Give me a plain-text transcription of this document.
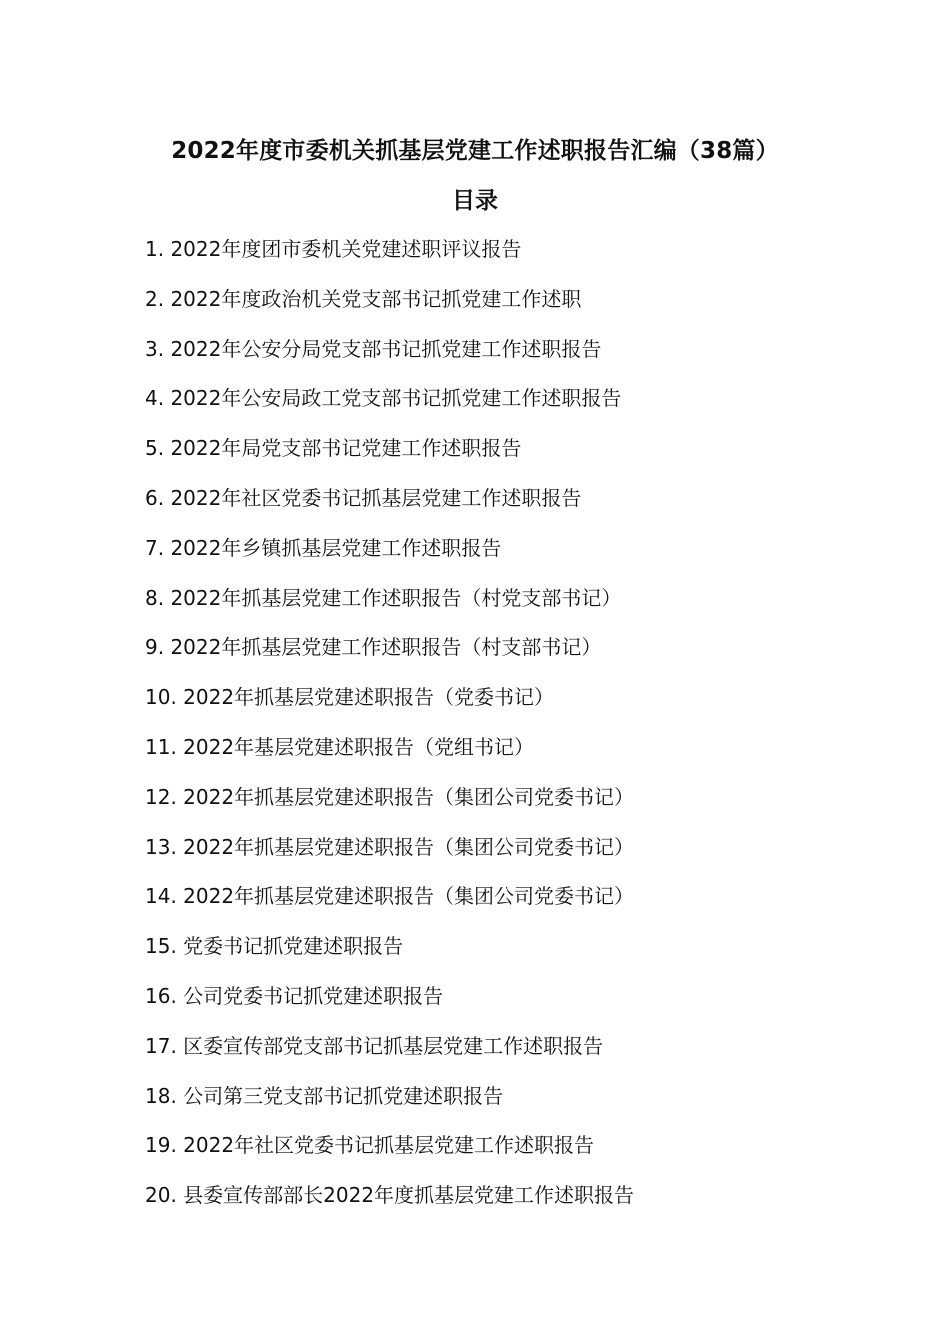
2022年度市委机关抓基层党建工作述职报告汇编（38篇）
目录
1. 2022年度团市委机关党建述职评议报告
2. 2022年度政治机关党支部书记抓党建工作述职
3. 2022年公安分局党支部书记抓党建工作述职报告
4. 2022年公安局政工党支部书记抓党建工作述职报告
5. 2022年局党支部书记党建工作述职报告
6. 2022年社区党委书记抓基层党建工作述职报告
7. 2022年乡镇抓基层党建工作述职报告
8. 2022年抓基层党建工作述职报告（村党支部书记）
9. 2022年抓基层党建工作述职报告（村支部书记）
10. 2022年抓基层党建述职报告（党委书记）
11. 2022年基层党建述职报告（党组书记）
12. 2022年抓基层党建述职报告（集团公司党委书记）
13. 2022年抓基层党建述职报告（集团公司党委书记）
14. 2022年抓基层党建述职报告（集团公司党委书记）
15. 党委书记抓党建述职报告
16. 公司党委书记抓党建述职报告
17. 区委宣传部党支部书记抓基层党建工作述职报告
18. 公司第三党支部书记抓党建述职报告
19. 2022年社区党委书记抓基层党建工作述职报告
20. 县委宣传部部长2022年度抓基层党建工作述职报告
